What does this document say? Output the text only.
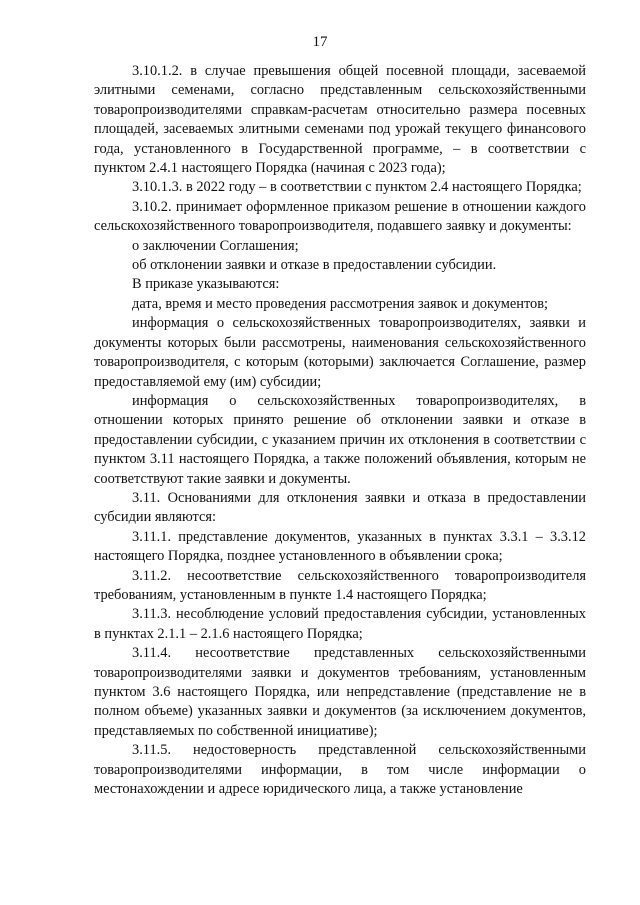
17

3.10.1.2. в случае превышения общей посевной площади, засеваемой элитными семенами, согласно представленным сельскохозяйственными товаропроизводителями справкам-расчетам относительно размера посевных площадей, засеваемых элитными семенами под урожай текущего финансового года, установленного в Государственной программе, – в соответствии с пунктом 2.4.1 настоящего Порядка (начиная с 2023 года);

3.10.1.3. в 2022 году – в соответствии с пунктом 2.4 настоящего Порядка;

3.10.2. принимает оформленное приказом решение в отношении каждого сельскохозяйственного товаропроизводителя, подавшего заявку и документы:

о заключении Соглашения;

об отклонении заявки и отказе в предоставлении субсидии.

В приказе указываются:

дата, время и место проведения рассмотрения заявок и документов;

информация о сельскохозяйственных товаропроизводителях, заявки и документы которых были рассмотрены, наименования сельскохозяйственного товаропроизводителя, с которым (которыми) заключается Соглашение, размер предоставляемой ему (им) субсидии;

информация о сельскохозяйственных товаропроизводителях, в отношении которых принято решение об отклонении заявки и отказе в предоставлении субсидии, с указанием причин их отклонения в соответствии с пунктом 3.11 настоящего Порядка, а также положений объявления, которым не соответствуют такие заявки и документы.

3.11. Основаниями для отклонения заявки и отказа в предоставлении субсидии являются:

3.11.1. представление документов, указанных в пунктах 3.3.1 – 3.3.12 настоящего Порядка, позднее установленного в объявлении срока;

3.11.2. несоответствие сельскохозяйственного товаропроизводителя требованиям, установленным в пункте 1.4 настоящего Порядка;

3.11.3. несоблюдение условий предоставления субсидии, установленных в пунктах 2.1.1 – 2.1.6 настоящего Порядка;

3.11.4. несоответствие представленных сельскохозяйственными товаропроизводителями заявки и документов требованиям, установленным пунктом 3.6 настоящего Порядка, или непредставление (представление не в полном объеме) указанных заявки и документов (за исключением документов, представляемых по собственной инициативе);

3.11.5. недостоверность представленной сельскохозяйственными товаропроизводителями информации, в том числе информации о местонахождении и адресе юридического лица, а также установление
